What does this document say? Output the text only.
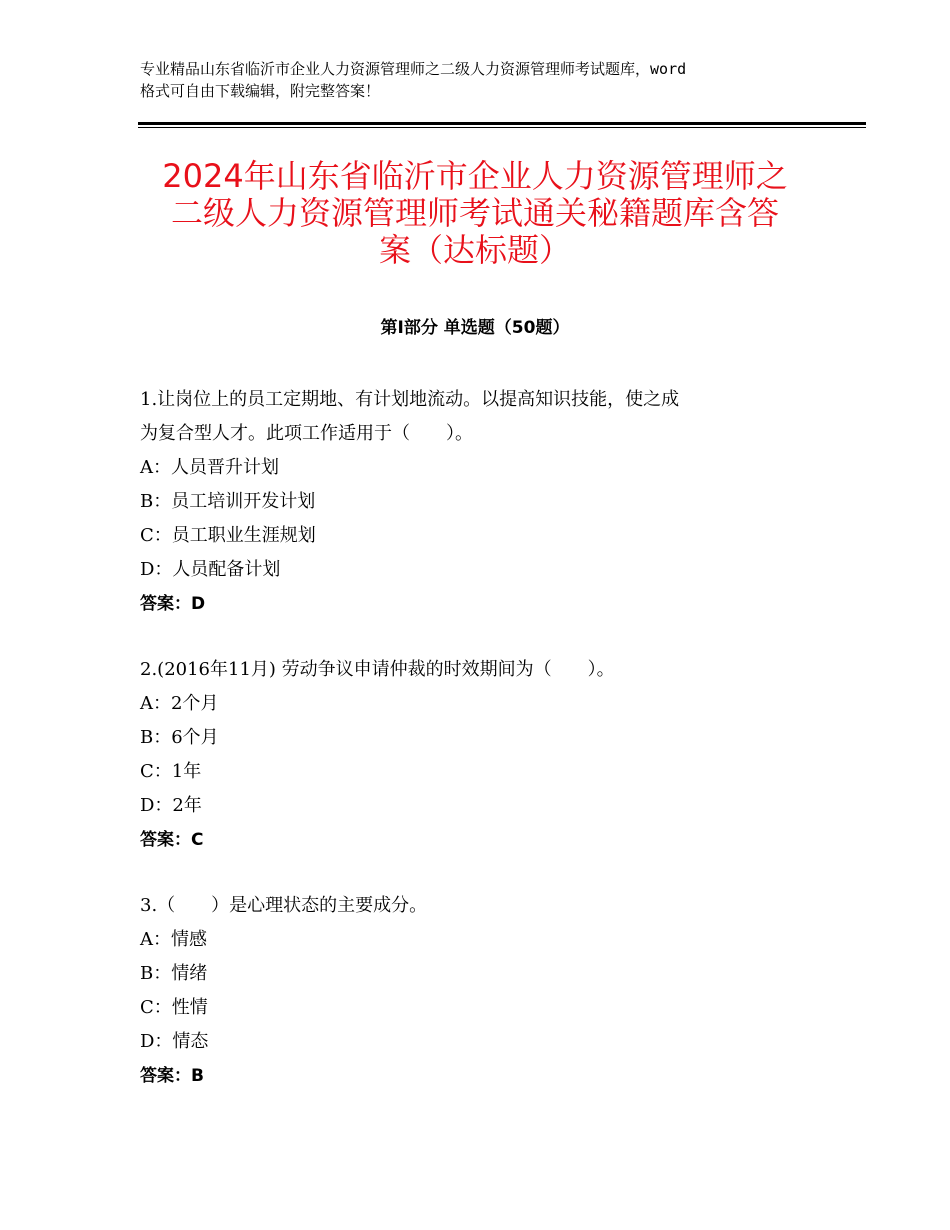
专业精品山东省临沂市企业人力资源管理师之二级人力资源管理师考试题库，word
格式可自由下载编辑，附完整答案！
2024年山东省临沂市企业人力资源管理师之
二级人力资源管理师考试通关秘籍题库含答
案（达标题）
第Ⅰ部分 单选题（50题）
1.让岗位上的员工定期地、有计划地流动。以提高知识技能，使之成
为复合型人才。此项工作适用于（　　）。
A：人员晋升计划
B：员工培训开发计划
C：员工职业生涯规划
D：人员配备计划
答案：D
2.(2016年11月) 劳动争议申请仲裁的时效期间为（　　）。
A：2个月
B：6个月
C：1年
D：2年
答案：C
3.（　　）是心理状态的主要成分。
A：情感
B：情绪
C：性情
D：情态
答案：B
